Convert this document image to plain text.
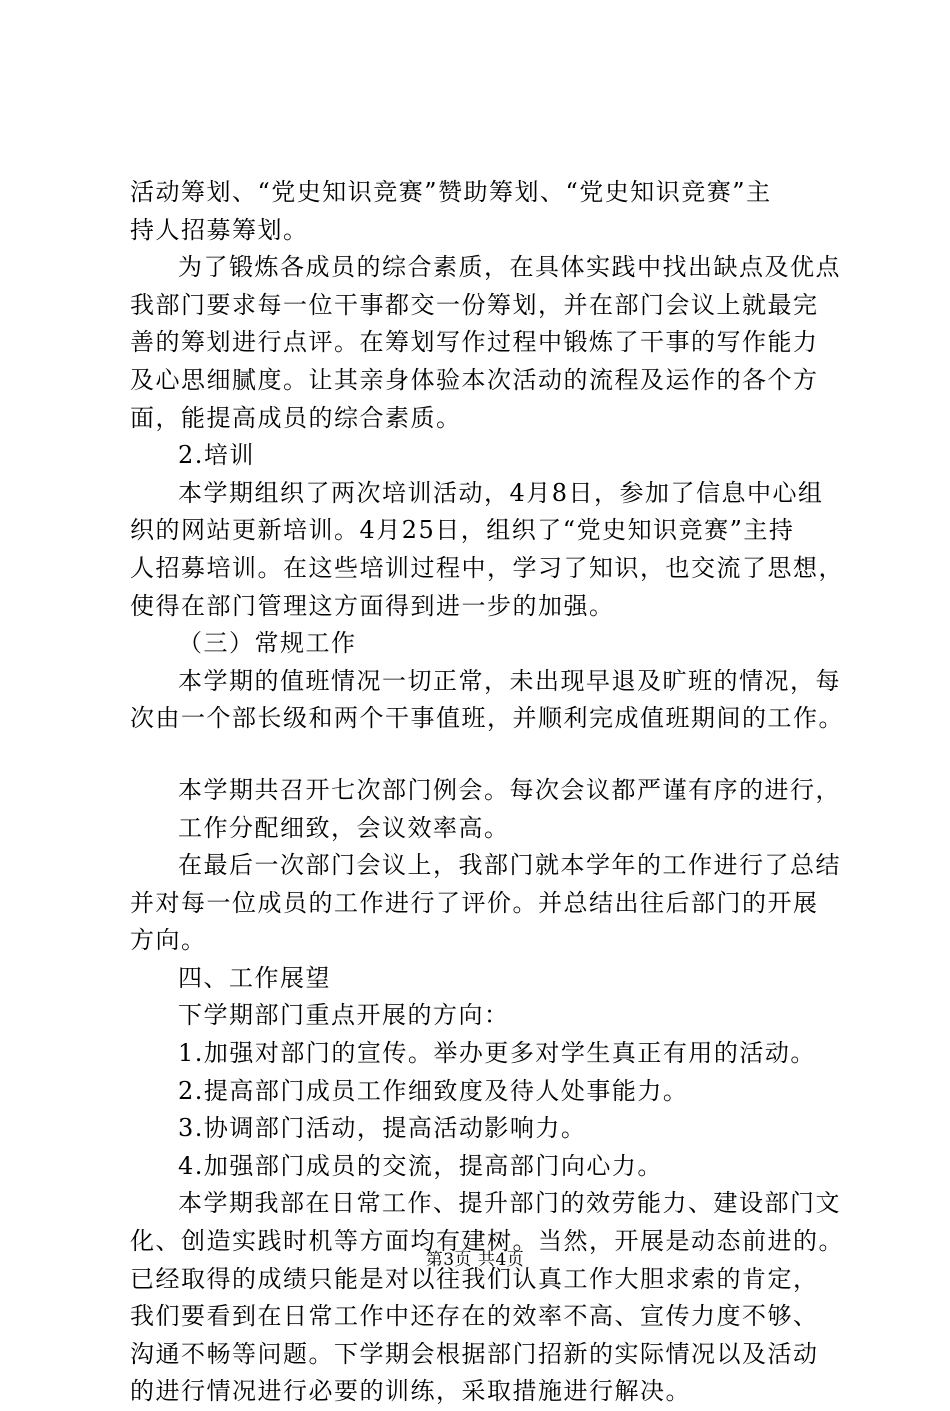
活动筹划、“党史知识竞赛”赞助筹划、“党史知识竞赛”主
持人招募筹划。
为了锻炼各成员的综合素质，在具体实践中找出缺点及优点
我部门要求每一位干事都交一份筹划，并在部门会议上就最完
善的筹划进行点评。在筹划写作过程中锻炼了干事的写作能力
及心思细腻度。让其亲身体验本次活动的流程及运作的各个方
面，能提高成员的综合素质。
2.培训
本学期组织了两次培训活动，4月8日，参加了信息中心组
织的网站更新培训。4月25日，组织了“党史知识竞赛”主持
人招募培训。在这些培训过程中，学习了知识，也交流了思想，
使得在部门管理这方面得到进一步的加强。
（三）常规工作
本学期的值班情况一切正常，未出现早退及旷班的情况，每
次由一个部长级和两个干事值班，并顺利完成值班期间的工作。
本学期共召开七次部门例会。每次会议都严谨有序的进行，
工作分配细致，会议效率高。
在最后一次部门会议上，我部门就本学年的工作进行了总结
并对每一位成员的工作进行了评价。并总结出往后部门的开展
方向。
四、工作展望
下学期部门重点开展的方向：
1.加强对部门的宣传。举办更多对学生真正有用的活动。
2.提高部门成员工作细致度及待人处事能力。
3.协调部门活动，提高活动影响力。
4.加强部门成员的交流，提高部门向心力。
本学期我部在日常工作、提升部门的效劳能力、建设部门文
化、创造实践时机等方面均有建树。当然，开展是动态前进的。
已经取得的成绩只能是对以往我们认真工作大胆求索的肯定，
我们要看到在日常工作中还存在的效率不高、宣传力度不够、
沟通不畅等问题。下学期会根据部门招新的实际情况以及活动
的进行情况进行必要的训练，采取措施进行解决。
第3页 共4页
